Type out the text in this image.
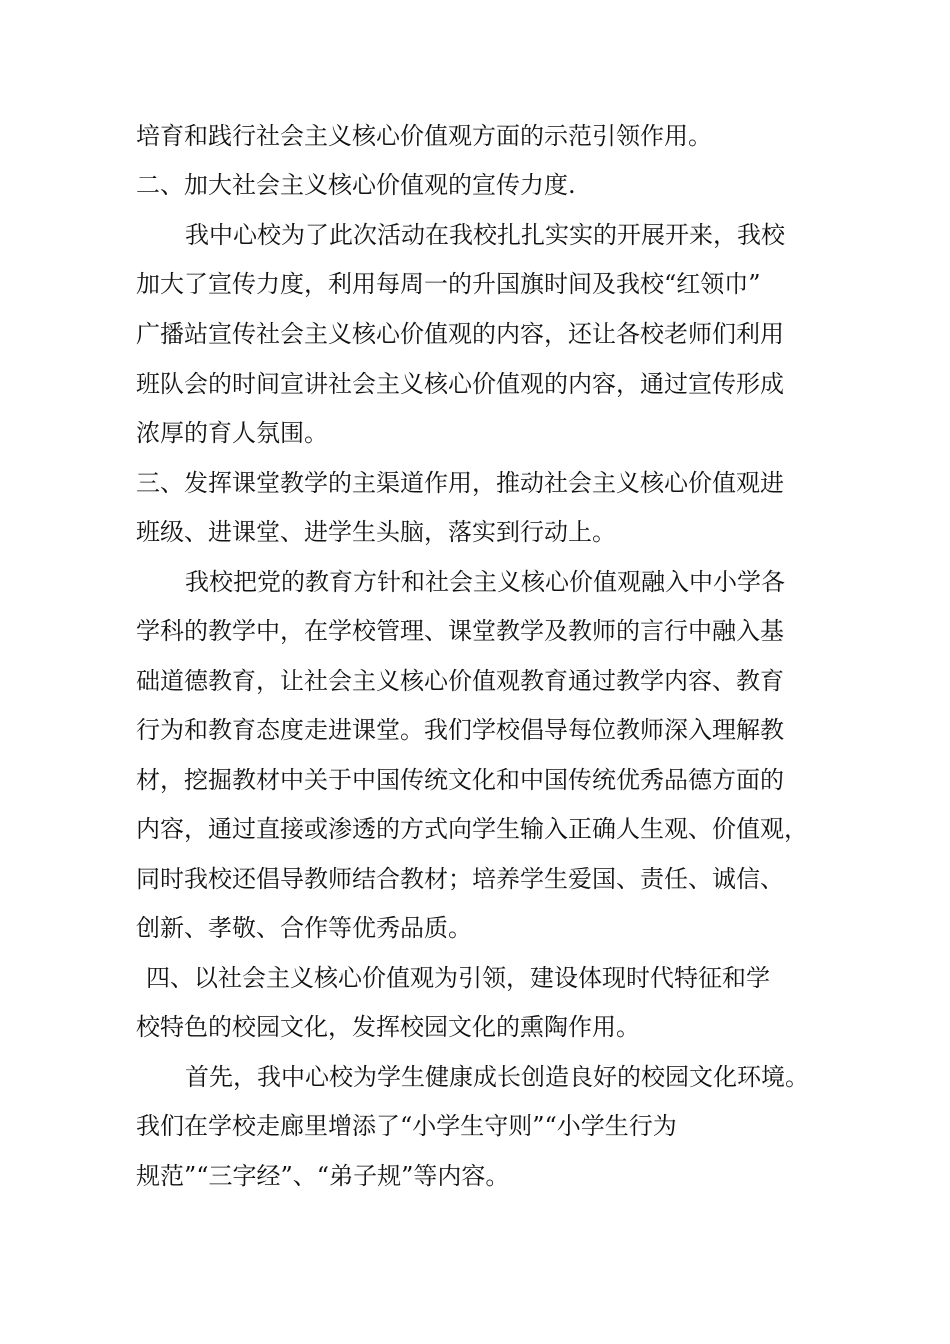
培育和践行社会主义核心价值观方面的示范引领作用。
二、加大社会主义核心价值观的宣传力度.
我中心校为了此次活动在我校扎扎实实的开展开来，我校
加大了宣传力度，利用每周一的升国旗时间及我校“红领巾”
广播站宣传社会主义核心价值观的内容，还让各校老师们利用
班队会的时间宣讲社会主义核心价值观的内容，通过宣传形成
浓厚的育人氛围。
三、发挥课堂教学的主渠道作用，推动社会主义核心价值观进
班级、进课堂、进学生头脑，落实到行动上。
我校把党的教育方针和社会主义核心价值观融入中小学各
学科的教学中，在学校管理、课堂教学及教师的言行中融入基
础道德教育，让社会主义核心价值观教育通过教学内容、教育
行为和教育态度走进课堂。我们学校倡导每位教师深入理解教
材，挖掘教材中关于中国传统文化和中国传统优秀品德方面的
内容，通过直接或渗透的方式向学生输入正确人生观、价值观，
同时我校还倡导教师结合教材；培养学生爱国、责任、诚信、
创新、孝敬、合作等优秀品质。
四、以社会主义核心价值观为引领，建设体现时代特征和学
校特色的校园文化，发挥校园文化的熏陶作用。
首先，我中心校为学生健康成长创造良好的校园文化环境。
我们在学校走廊里增添了“小学生守则”“小学生行为
规范”“三字经”、“弟子规”等内容。
